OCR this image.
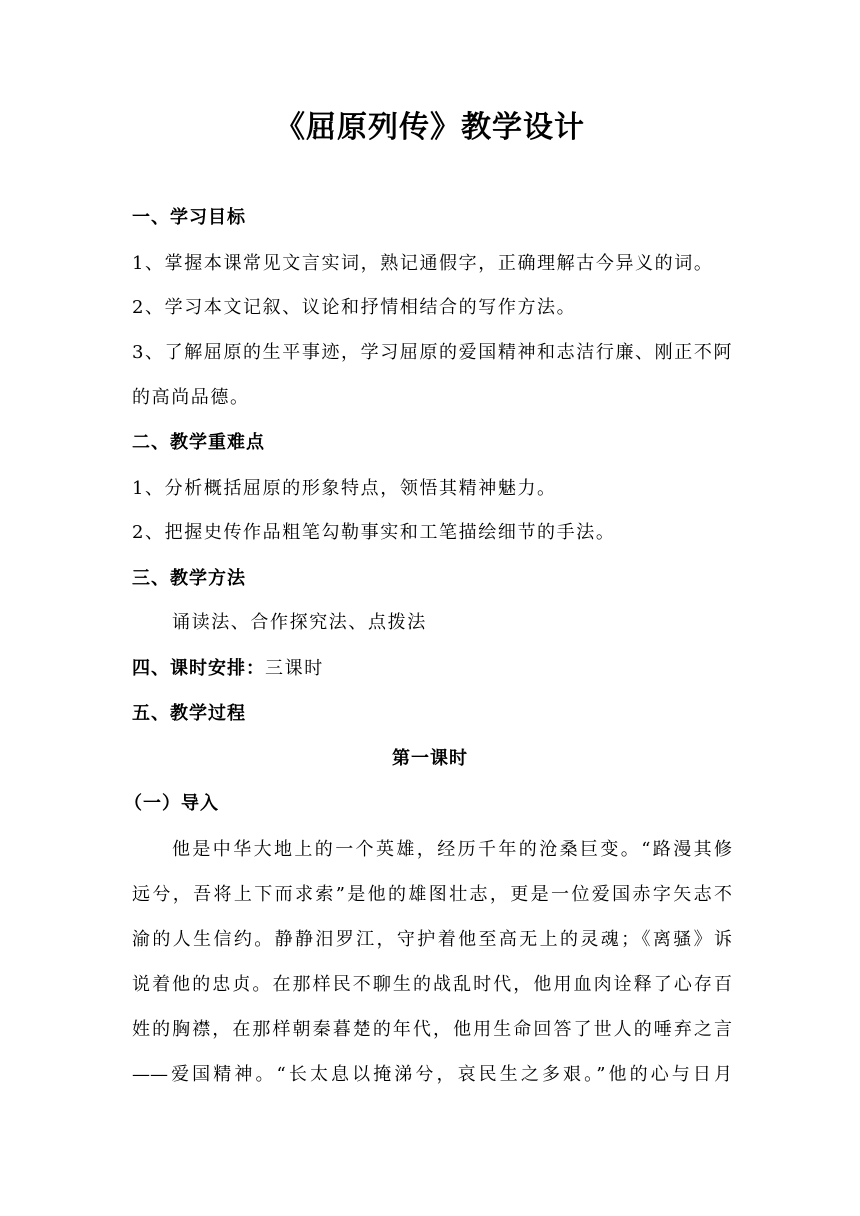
《屈原列传》教学设计
一、学习目标
1、掌握本课常见文言实词，熟记通假字，正确理解古今异义的词。
2、学习本文记叙、议论和抒情相结合的写作方法。
3、了解屈原的生平事迹，学习屈原的爱国精神和志洁行廉、刚正不阿
的高尚品德。
二、教学重难点
1、分析概括屈原的形象特点，领悟其精神魅力。
2、把握史传作品粗笔勾勒事实和工笔描绘细节的手法。
三、教学方法
诵读法、合作探究法、点拨法
四、课时安排：三课时
五、教学过程
第一课时
（一）导入
他是中华大地上的一个英雄，经历千年的沧桑巨变。“路漫其修
远兮，吾将上下而求索”是他的雄图壮志，更是一位爱国赤字矢志不
渝的人生信约。静静汨罗江，守护着他至高无上的灵魂；《离骚》诉
说着他的忠贞。在那样民不聊生的战乱时代，他用血肉诠释了心存百
姓的胸襟，在那样朝秦暮楚的年代，他用生命回答了世人的唾弃之言
——爱国精神。“长太息以掩涕兮，哀民生之多艰。”他的心与日月
